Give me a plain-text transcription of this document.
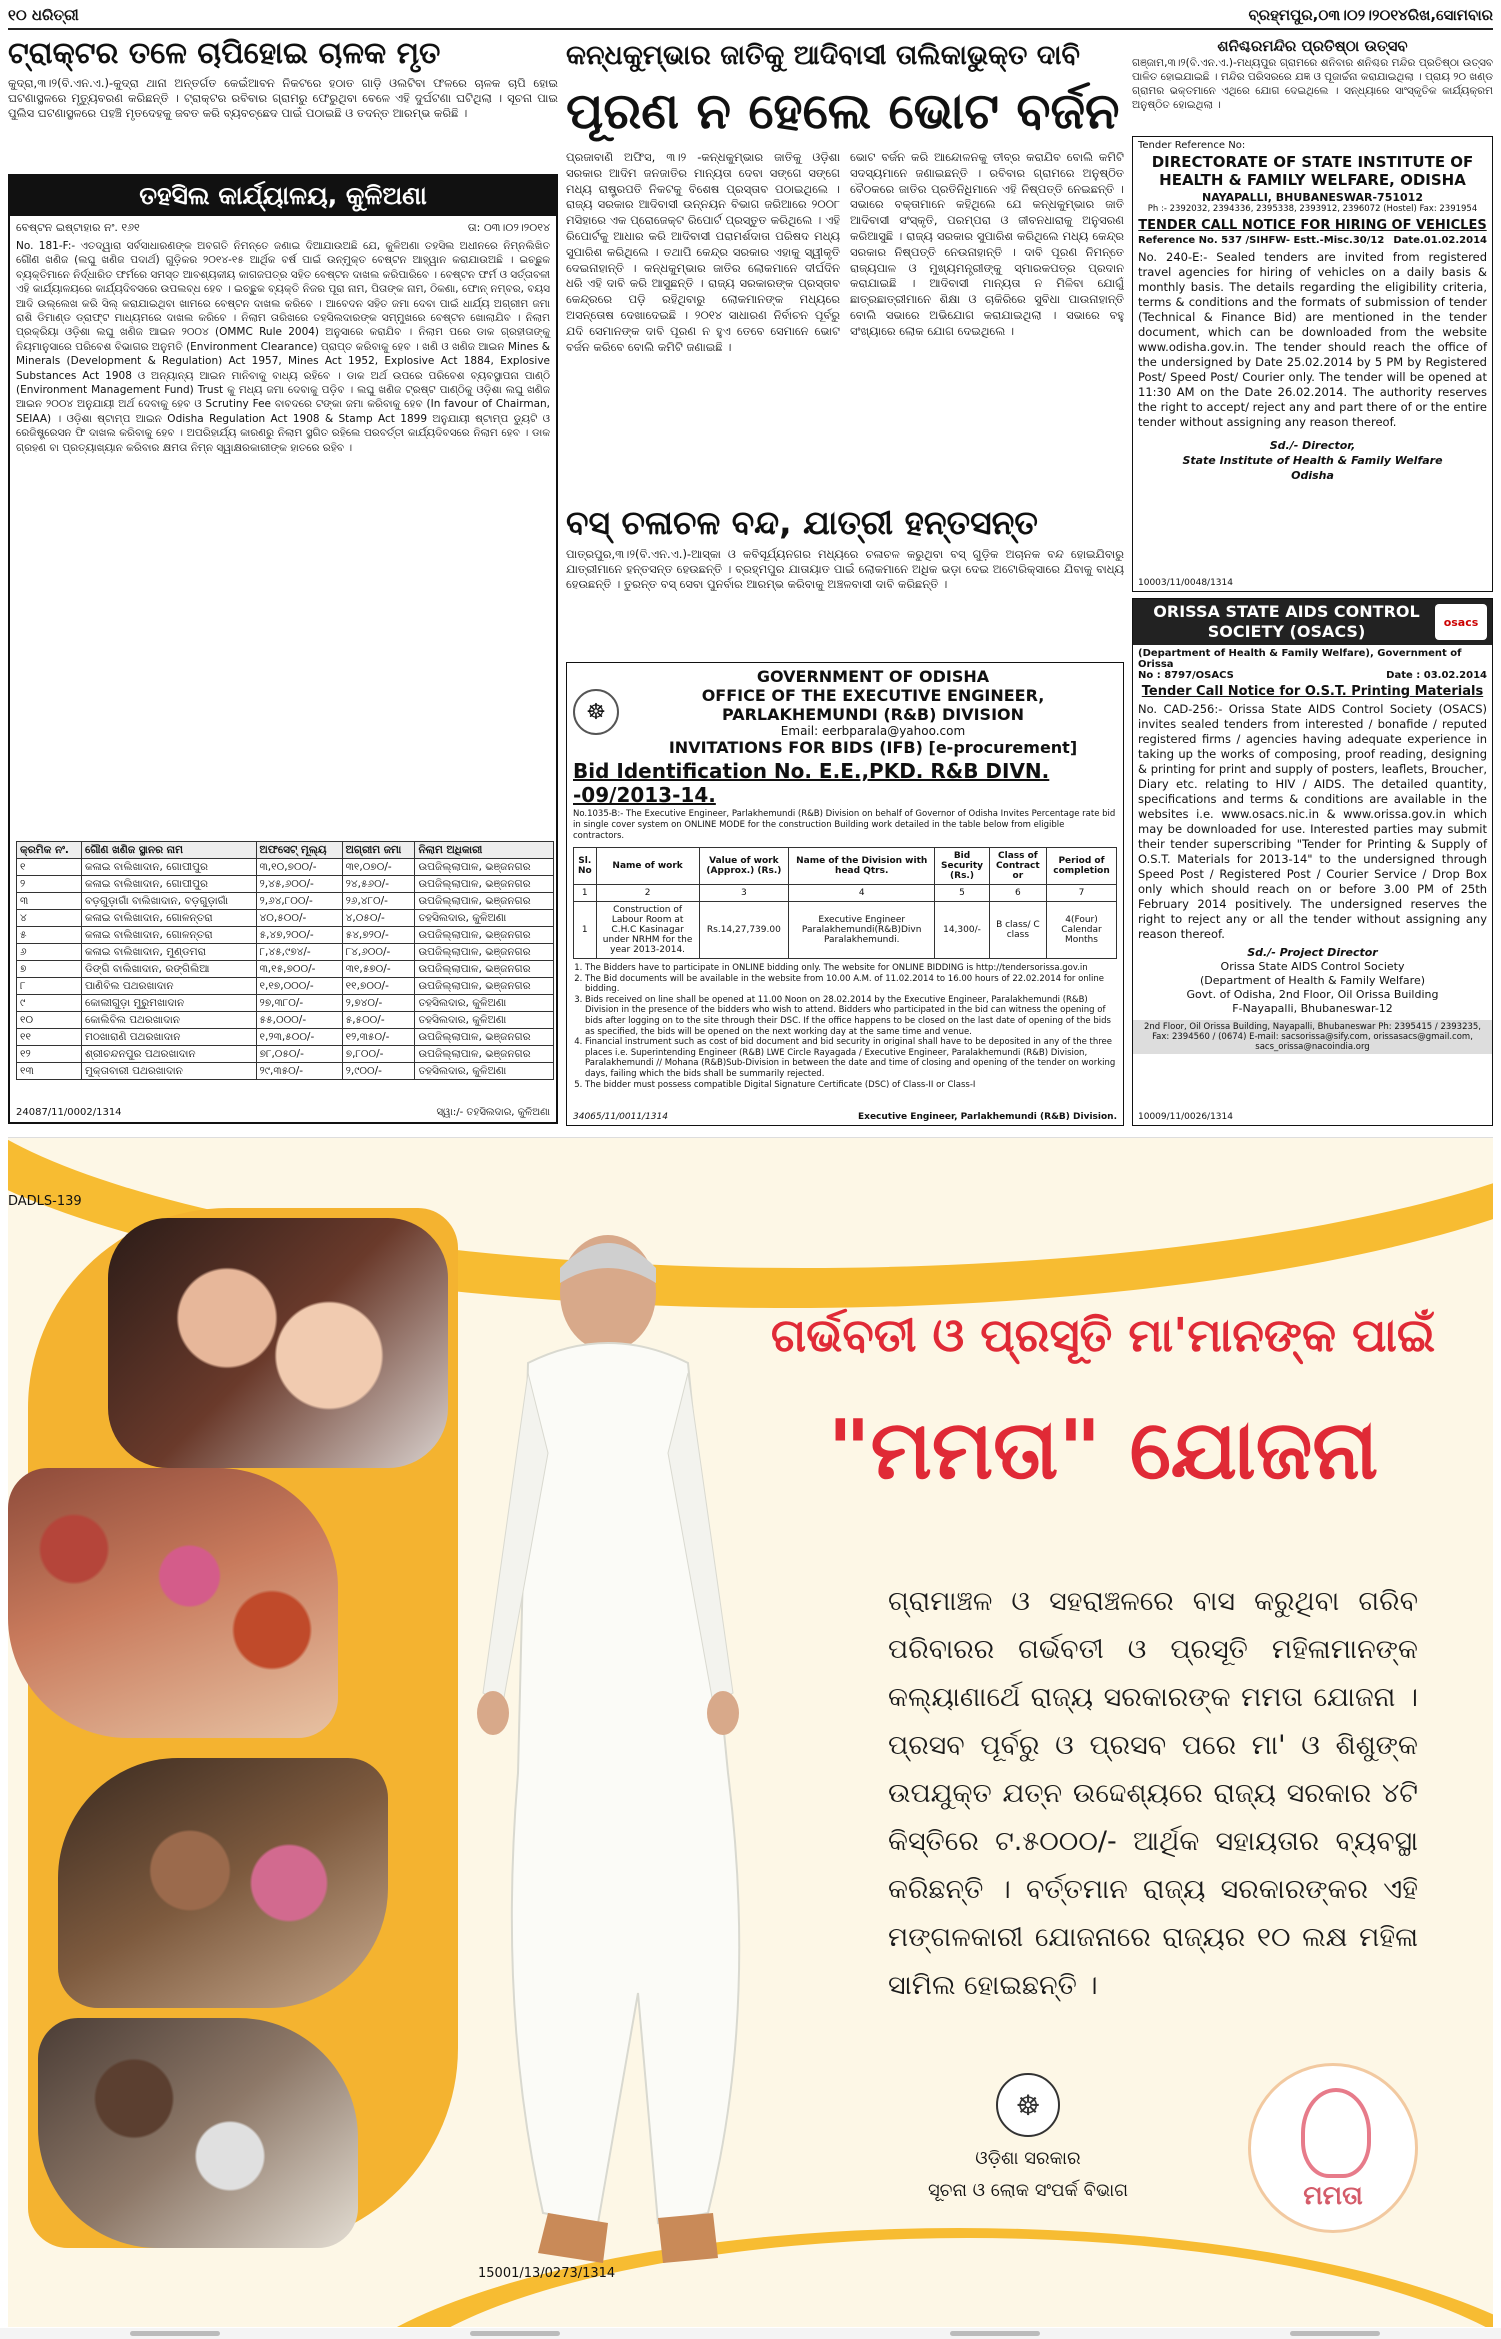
୧୦ ଧରିତ୍ରୀ	ବ୍ରହ୍ମପୁର,ଠ୩।୦୨।୨୦୧୪ରିଖ,ସୋମବାର
ଟ୍ରାକ୍ଟର ତଳେ ଚାପିହୋଇ ଚାଳକ ମୃତ
କୁଦ୍ରା,୩।୨(ବି.ଏନ.ଏ.)-କୁଦ୍ରା ଥାନା ଅନ୍ତର୍ଗତ କେଇଁଆବନ ନିକଟରେ ହଠାତ ଗାଡ଼ି ଓଲଟିବା ଫଳରେ ଚାଳକ ଚାପି ହୋଇ ଘଟଣାସ୍ଥଳରେ ମୃତ୍ୟୁବରଣ କରିଛନ୍ତି । ଟ୍ରାକ୍ଟର ରବିବାର ଗ୍ରାମରୁ ଫେରୁଥିବା ବେଳେ ଏହି ଦୁର୍ଘଟଣା ଘଟିଥିଲା । ସୂଚନା ପାଇ ପୁଲିସ ଘଟଣାସ୍ଥଳରେ ପହଞ୍ଚି ମୃତଦେହକୁ ଜବତ କରି ବ୍ୟବଚ୍ଛେଦ ପାଇଁ ପଠାଇଛି ଓ ତଦନ୍ତ ଆରମ୍ଭ କରିଛି ।
ତହସିଲ କାର୍ଯ୍ୟାଳୟ, କୁଳିଅଣା
ବେଷ୍ଟନ ଇଷ୍ଟାହାର ନଂ. ୧୬୧	ତା: ୦୩।୦୨।୨୦୧୪
No. 181-F:- ଏତଦ୍ୱାରା ସର୍ବସାଧାରଣଙ୍କ ଅବଗତି ନିମନ୍ତେ ଜଣାଇ ଦିଆଯାଉଅଛି ଯେ, କୁଳିଅଣା ତହସିଲ ଅଧୀନରେ ନିମ୍ନଲିଖିତ ଗୌଣ ଖଣିଜ (ଲଘୁ ଖଣିଜ ପଦାର୍ଥ) ଗୁଡ଼ିକର ୨୦୧୪-୧୫ ଆର୍ଥିକ ବର୍ଷ ପାଇଁ ଉନ୍ମୁକ୍ତ ବେଷ୍ଟନ ଆହ୍ୱାନ କରାଯାଉଅଛି । ଇଚ୍ଛୁକ ବ୍ୟକ୍ତିମାନେ ନିର୍ଦ୍ଧାରିତ ଫର୍ମରେ ସମସ୍ତ ଆବଶ୍ୟକୀୟ କାଗଜପତ୍ର ସହିତ ବେଷ୍ଟନ ଦାଖଲ କରିପାରିବେ । ବେଷ୍ଟନ ଫର୍ମ ଓ ସର୍ତ୍ତାବଳୀ ଏହି କାର୍ଯ୍ୟାଳୟରେ କାର୍ଯ୍ୟଦିବସରେ ଉପଲବ୍ଧ ହେବ । ଇଚ୍ଛୁକ ବ୍ୟକ୍ତି ନିଜର ପୂରା ନାମ, ପିତାଙ୍କ ନାମ, ଠିକଣା, ଫୋନ୍ ନମ୍ବର, ବୟସ ଆଦି ଉଲ୍ଲେଖ କରି ସିଲ୍ କରାଯାଇଥିବା ଖାମରେ ବେଷ୍ଟନ ଦାଖଲ କରିବେ । ଆବେଦନ ସହିତ ଜମା ଦେବା ପାଇଁ ଧାର୍ଯ୍ୟ ଅଗ୍ରୀମ ଜମା ରାଶି ଡିମାଣ୍ଡ ଡ୍ରାଫ୍ଟ ମାଧ୍ୟମରେ ଦାଖଲ କରିବେ । ନିଲାମ ତାରିଖରେ ତହସିଲଦାରଙ୍କ ସମ୍ମୁଖରେ ବେଷ୍ଟନ ଖୋଲାଯିବ । ନିଲାମ ପ୍ରକ୍ରିୟା ଓଡ଼ିଶା ଲଘୁ ଖଣିଜ ଆଇନ ୨୦୦୪ (OMMC Rule 2004) ଅନୁସାରେ କରାଯିବ । ନିଲାମ ପରେ ଡାକ ଗ୍ରହୀତାଙ୍କୁ ନିୟମାନୁସାରେ ପରିବେଶ ବିଭାଗର ଅନୁମତି (Environment Clearance) ପ୍ରାପ୍ତ କରିବାକୁ ହେବ । ଖଣି ଓ ଖଣିଜ ଆଇନ Mines & Minerals (Development & Regulation) Act 1957, Mines Act 1952, Explosive Act 1884, Explosive Substances Act 1908 ଓ ଅନ୍ୟାନ୍ୟ ଆଇନ ମାନିବାକୁ ବାଧ୍ୟ ରହିବେ । ଡାକ ଅର୍ଥ ଉପରେ ପରିବେଶ ବ୍ୟବସ୍ଥାପନା ପାଣ୍ଠି (Environment Management Fund) Trust କୁ ମଧ୍ୟ ଜମା ଦେବାକୁ ପଡ଼ିବ । ଲଘୁ ଖଣିଜ ଟ୍ରଷ୍ଟ ପାଣ୍ଠିକୁ ଓଡ଼ିଶା ଲଘୁ ଖଣିଜ ଆଇନ ୨୦୦୪ ଅନୁଯାୟୀ ଅର୍ଥ ଦେବାକୁ ହେବ ଓ Scrutiny Fee ବାବଦରେ ଟଙ୍କା ଜମା କରିବାକୁ ହେବ (In favour of Chairman, SEIAA) । ଓଡ଼ିଶା ଷ୍ଟାମ୍ପ ଆଇନ Odisha Regulation Act 1908 & Stamp Act 1899 ଅନୁଯାୟୀ ଷ୍ଟାମ୍ପ ଡ୍ୟୁଟି ଓ ରେଜିଷ୍ଟ୍ରେସନ ଫି ଦାଖଲ କରିବାକୁ ହେବ । ଅପରିହାର୍ଯ୍ୟ କାରଣରୁ ନିଲାମ ସ୍ଥଗିତ ରହିଲେ ପରବର୍ତ୍ତୀ କାର୍ଯ୍ୟଦିବସରେ ନିଲାମ ହେବ । ଡାକ ଗ୍ରହଣ ବା ପ୍ରତ୍ୟାଖ୍ୟାନ କରିବାର କ୍ଷମତା ନିମ୍ନ ସ୍ୱାକ୍ଷରକାରୀଙ୍କ ହାତରେ ରହିବ ।
କ୍ରମିକ ନଂ.	ଗୌଣ ଖଣିଜ ସ୍ଥାନର ନାମ	ଅଫସେଟ୍ ମୂଲ୍ୟ	ଅଗ୍ରୀମ ଜମା	ନିଲାମ ଅଧିକାରୀ
୧	କଳାଇ ବାଲିଖାଦାନ, ଗୋପୀପୁର	୩,୧୦,୭୦୦/-	୩୧,୦୭୦/-	ଉପଜିଲ୍ଲାପାଳ, ଭଞ୍ଜନଗର
୨	କଳାଇ ବାଲିଖାଦାନ, ଗୋପୀପୁର	୨,୪୫,୬୦୦/-	୨୪,୫୬୦/-	ଉପଜିଲ୍ଲାପାଳ, ଭଞ୍ଜନଗର
୩	ବଡ଼ଗୁଡ଼ାଗାଁ ବାଲିଖାଦାନ, ବଡ଼ଗୁଡ଼ାଗାଁ	୨,୬୪,୮୦୦/-	୨୬,୪୮୦/-	ଉପଜିଲ୍ଲାପାଳ, ଭଞ୍ଜନଗର
୪	କଳାଇ ବାଲିଖାଦାନ, ଗୋଳନ୍ତରା	୪୦,୫୦୦/-	୪,୦୫୦/-	ତହସିଲଦାର, କୁଳିଅଣା
୫	କଳାଇ ବାଲିଖାଦାନ, ଗୋଳନ୍ତରା	୫,୪୭,୨୦୦/-	୫୪,୭୨୦/-	ଉପଜିଲ୍ଲାପାଳ, ଭଞ୍ଜନଗର
୬	କଳାଇ ବାଲିଖାଦାନ, ମୁଣ୍ଡମରା	୮,୪୫,୯୭୪/-	୮୪,୬୦୦/-	ଉପଜିଲ୍ଲାପାଳ, ଭଞ୍ଜନଗର
୭	ଡିଙ୍ଗି ବାଲିଖାଦାନ, ରଙ୍ଗିଲିଆ	୩,୧୫,୭୦୦/-	୩୧,୫୭୦/-	ଉପଜିଲ୍ଲାପାଳ, ଭଞ୍ଜନଗର
୮	ପାଣିବିଲ ପଥରଖାଦାନ	୧,୧୭,୦୦୦/-	୧୧,୭୦୦/-	ଉପଜିଲ୍ଲାପାଳ, ଭଞ୍ଜନଗର
୯	କୋଲୀଗୁଡ଼ା ମୁରୁମଖାଦାନ	୨୭,୩୮୦/-	୨,୭୪୦/-	ତହସିଲଦାର, କୁଳିଅଣା
୧୦	କୋଲିବିଲ ପଥରଖାଦାନ	୫୫,୦୦୦/-	୫,୫୦୦/-	ତହସିଲଦାର, କୁଳିଅଣା
୧୧	ମଠଖାରାଣି ପଥରଖାଦାନ	୧,୨୩,୫୦୦/-	୧୨,୩୫୦/-	ଉପଜିଲ୍ଲାପାଳ, ଭଞ୍ଜନଗର
୧୨	ଶ୍ରୀଚନ୍ଦନପୁର ପଥରଖାଦାନ	୭୮,୦୫୦/-	୭,୮୦୦/-	ଉପଜିଲ୍ଲାପାଳ, ଭଞ୍ଜନଗର
୧୩	ମୁକ୍ତାବାରୀ ପଥରଖାଦାନ	୨୯,୩୫୦/-	୨,୯୦୦/-	ତହସିଲଦାର, କୁଳିଅଣା
24087/11/0002/1314	ସ୍ୱା:/- ତହସିଲଦାର, କୁଳିଅଣା
କନ୍ଧକୁମ୍ଭାର ଜାତିକୁ ଆଦିବାସୀ ତାଲିକାଭୁକ୍ତ ଦାବି
ପୂରଣ ନ ହେଲେ ଭୋଟ ବର୍ଜନ
ପ୍ରଜାବାଣି ଅଫିସ, ୩।୨ -କନ୍ଧକୁମ୍ଭାର ଜାତିକୁ ଓଡ଼ିଶା ସରକାର ଆଦିମ ଜନଜାତିର ମାନ୍ୟତା ଦେବା ସଙ୍ଗେ ସଙ୍ଗେ ମଧ୍ୟ ରାଷ୍ଟ୍ରପତି ନିକଟକୁ ବିଶେଷ ପ୍ରସ୍ତାବ ପଠାଇଥିଲେ । ରାଜ୍ୟ ସରକାର ଆଦିବାସୀ ଉନ୍ନୟନ ବିଭାଗ ଜରିଆରେ ୨୦୦୮ ମସିହାରେ ଏକ ପ୍ରୋଜେକ୍ଟ ରିପୋର୍ଟ ପ୍ରସ୍ତୁତ କରିଥିଲେ । ଏହି ରିପୋର୍ଟକୁ ଆଧାର କରି ଆଦିବାସୀ ପରାମର୍ଶଦାତା ପରିଷଦ ମଧ୍ୟ ସୁପାରିଶ କରିଥିଲେ । ତଥାପି କେନ୍ଦ୍ର ସରକାର ଏହାକୁ ସ୍ୱୀକୃତି ଦେଇନାହାନ୍ତି । କନ୍ଧକୁମ୍ଭାର ଜାତିର ଲୋକମାନେ ଦୀର୍ଘଦିନ ଧରି ଏହି ଦାବି କରି ଆସୁଛନ୍ତି । ରାଜ୍ୟ ସରକାରଙ୍କ ପ୍ରସ୍ତାବ କେନ୍ଦ୍ରରେ ପଡ଼ି ରହିଥିବାରୁ ଲୋକମାନଙ୍କ ମଧ୍ୟରେ ଅସନ୍ତୋଷ ଦେଖାଦେଇଛି । ୨୦୧୪ ସାଧାରଣ ନିର୍ବାଚନ ପୂର୍ବରୁ ଯଦି ସେମାନଙ୍କ ଦାବି ପୂରଣ ନ ହୁଏ ତେବେ ସେମାନେ ଭୋଟ ବର୍ଜନ କରିବେ ବୋଲି କମିଟି ଜଣାଇଛି ।
ଭୋଟ ବର୍ଜନ କରି ଆନ୍ଦୋଳନକୁ ତୀବ୍ର କରାଯିବ ବୋଲି କମିଟି ସଦସ୍ୟମାନେ ଜଣାଇଛନ୍ତି । ରବିବାର ଗ୍ରାମରେ ଅନୁଷ୍ଠିତ ବୈଠକରେ ଜାତିର ପ୍ରତିନିଧିମାନେ ଏହି ନିଷ୍ପତ୍ତି ନେଇଛନ୍ତି । ସଭାରେ ବକ୍ତାମାନେ କହିଥିଲେ ଯେ କନ୍ଧକୁମ୍ଭାର ଜାତି ଆଦିବାସୀ ସଂସ୍କୃତି, ପରମ୍ପରା ଓ ଜୀବନଧାରାକୁ ଅନୁସରଣ କରିଆସୁଛି । ରାଜ୍ୟ ସରକାର ସୁପାରିଶ କରିଥିଲେ ମଧ୍ୟ କେନ୍ଦ୍ର ସରକାର ନିଷ୍ପତ୍ତି ନେଉନାହାନ୍ତି । ଦାବି ପୂରଣ ନିମନ୍ତେ ରାଜ୍ୟପାଳ ଓ ମୁଖ୍ୟମନ୍ତ୍ରୀଙ୍କୁ ସ୍ମାରକପତ୍ର ପ୍ରଦାନ କରାଯାଇଛି । ଆଦିବାସୀ ମାନ୍ୟତା ନ ମିଳିବା ଯୋଗୁଁ ଛାତ୍ରଛାତ୍ରୀମାନେ ଶିକ୍ଷା ଓ ଚାକିରିରେ ସୁବିଧା ପାଉନାହାନ୍ତି ବୋଲି ସଭାରେ ଅଭିଯୋଗ କରାଯାଇଥିଲା । ସଭାରେ ବହୁ ସଂଖ୍ୟାରେ ଲୋକ ଯୋଗ ଦେଇଥିଲେ ।
ବସ୍ ଚଳାଚଳ ବନ୍ଦ, ଯାତ୍ରୀ ହନ୍ତସନ୍ତ
ପାତ୍ରପୁର,୩।୨(ବି.ଏନ.ଏ.)-ଆସ୍କା ଓ କବିସୂର୍ଯ୍ୟନଗର ମଧ୍ୟରେ ଚଳାଚଳ କରୁଥିବା ବସ୍ ଗୁଡ଼ିକ ଅଚାନକ ବନ୍ଦ ହୋଇଯିବାରୁ ଯାତ୍ରୀମାନେ ହନ୍ତସନ୍ତ ହେଉଛନ୍ତି । ବ୍ରହ୍ମପୁର ଯାତାୟାତ ପାଇଁ ଲୋକମାନେ ଅଧିକ ଭଡ଼ା ଦେଇ ଅଟୋରିକ୍ସାରେ ଯିବାକୁ ବାଧ୍ୟ ହେଉଛନ୍ତି । ତୁରନ୍ତ ବସ୍ ସେବା ପୁନର୍ବାର ଆରମ୍ଭ କରିବାକୁ ଅଞ୍ଚଳବାସୀ ଦାବି କରିଛନ୍ତି ।
☸
GOVERNMENT OF ODISHA
OFFICE OF THE EXECUTIVE ENGINEER,
PARLAKHEMUNDI (R&B) DIVISION
Email: eerbparala@yahoo.com
INVITATIONS FOR BIDS (IFB) [e-procurement]
Bid Identification No. E.E.,PKD. R&B DIVN. -09/2013-14.
No.1035-B:- The Executive Engineer, Parlakhemundi (R&B) Division on behalf of Governor of Odisha Invites Percentage rate bid in single cover system on ONLINE MODE for the construction Building work detailed in the table below from eligible contractors.
Sl. No	Name of work	Value of work (Approx.) (Rs.)	Name of the Division with head Qtrs.	Bid Security (Rs.)	Class of Contract or	Period of completion
1	2	3	4	5	6	7
1	Construction of Labour Room at C.H.C Kasinagar under NRHM for the year 2013-2014.	Rs.14,27,739.00	Executive Engineer Paralakhemundi(R&B)Divn Paralakhemundi.	14,300/-	B class/ C class	4(Four) Calendar Months
1. The Bidders have to participate in ONLINE bidding only. The website for ONLINE BIDDING is http://tendersorissa.gov.in
2. The Bid documents will be available in the website from 10.00 A.M. of 11.02.2014 to 16.00 hours of 22.02.2014 for online bidding.
3. Bids received on line shall be opened at 11.00 Noon on 28.02.2014 by the Executive Engineer, Paralakhemundi (R&B) Division in the presence of the bidders who wish to attend. Bidders who participated in the bid can witness the opening of bids after logging on to the site through their DSC. If the office happens to be closed on the last date of opening of the bids as specified, the bids will be opened on the next working day at the same time and venue.
4. Financial instrument such as cost of bid document and bid security in original shall have to be deposited in any of the three places i.e. Superintending Engineer (R&B) LWE Circle Rayagada / Executive Engineer, Paralakhemundi (R&B) Division, Paralakhemundi // Mohana (R&B)Sub-Division in between the date and time of closing and opening of the tender on working days, failing which the bids shall be summarily rejected.
5. The bidder must possess compatible Digital Signature Certificate (DSC) of Class-II or Class-I
34065/11/0011/1314	Executive Engineer, Parlakhemundi (R&B) Division.
ଶନିଶ୍ଚରମନ୍ଦିର ପ୍ରତିଷ୍ଠା ଉତ୍ସବ
ଗଞ୍ଜାମ,୩।୨(ବି.ଏନ.ଏ.)-ମଧ୍ୟପୁର ଗ୍ରାମରେ ଶନିବାର ଶନିଶ୍ଚର ମନ୍ଦିର ପ୍ରତିଷ୍ଠା ଉତ୍ସବ ପାଳିତ ହୋଇଯାଇଛି । ମନ୍ଦିର ପରିସରରେ ଯଜ୍ଞ ଓ ପୂଜାର୍ଚ୍ଚନା କରାଯାଇଥିଲା । ପ୍ରାୟ ୨୦ ଖଣ୍ଡ ଗ୍ରାମର ଭକ୍ତମାନେ ଏଥିରେ ଯୋଗ ଦେଇଥିଲେ । ସନ୍ଧ୍ୟାରେ ସାଂସ୍କୃତିକ କାର୍ଯ୍ୟକ୍ରମ ଅନୁଷ୍ଠିତ ହୋଇଥିଲା ।
Tender Reference No:
DIRECTORATE OF STATE INSTITUTE OF HEALTH & FAMILY WELFARE, ODISHA
NAYAPALLI, BHUBANESWAR-751012
Ph :- 2392032, 2394336, 2395338, 2393912, 2396072 (Hostel) Fax: 2391954
TENDER CALL NOTICE FOR HIRING OF VEHICLES
Reference No. 537 /SIHFW- Estt.-Misc.30/12 Date.01.02.2014
No. 240-E:- Sealed tenders are invited from registered travel agencies for hiring of vehicles on a daily basis & monthly basis. The details regarding the eligibility criteria, terms & conditions and the formats of submission of tender (Technical & Finance Bid) are mentioned in the tender document, which can be downloaded from the website www.odisha.gov.in. The tender should reach the office of the undersigned by Date 25.02.2014 by 5 PM by Registered Post/ Speed Post/ Courier only. The tender will be opened at 11:30 AM on the Date 26.02.2014. The authority reserves the right to accept/ reject any and part there of or the entire tender without assigning any reason thereof.
Sd./- Director,
State Institute of Health & Family Welfare
Odisha
10003/11/0048/1314
ORISSA STATE AIDS CONTROL SOCIETY (OSACS)	osacs
(Department of Health & Family Welfare), Government of Orissa
No : 8797/OSACS	Date : 03.02.2014
Tender Call Notice for O.S.T. Printing Materials
No. CAD-256:- Orissa State AIDS Control Society (OSACS) invites sealed tenders from interested / bonafide / reputed registered firms / agencies having adequate experience in taking up the works of composing, proof reading, designing & printing for print and supply of posters, leaflets, Broucher, Diary etc. relating to HIV / AIDS. The detailed quantity, specifications and terms & conditions are available in the websites i.e. www.osacs.nic.in & www.orissa.gov.in which may be downloaded for use. Interested parties may submit their tender superscribing "Tender for Printing & Supply of O.S.T. Materials for 2013-14" to the undersigned through Speed Post / Registered Post / Courier Service / Drop Box only which should reach on or before 3.00 PM of 25th February 2014 positively. The undersigned reserves the right to reject any or all the tender without assigning any reason thereof.
Sd./- Project Director
Orissa State AIDS Control Society
(Department of Health & Family Welfare)
Govt. of Odisha, 2nd Floor, Oil Orissa Building
F-Nayapalli, Bhubaneswar-12
2nd Floor, Oil Orissa Building, Nayapalli, Bhubaneswar Ph: 2395415 / 2393235, Fax: 2394560 / (0674) E-mail: sacsorissa@sify.com, orissasacs@gmail.com, sacs_orissa@nacoindia.org
10009/11/0026/1314
DADLS-139
ଗର୍ଭବତୀ ଓ ପ୍ରସୂତି ମା'ମାନଙ୍କ ପାଇଁ
"ମମତା" ଯୋଜନା
ଗ୍ରାମାଞ୍ଚଳ ଓ ସହରାଞ୍ଚଳରେ ବାସ କରୁଥିବା ଗରିବ ପରିବାରର ଗର୍ଭବତୀ ଓ ପ୍ରସୂତି ମହିଳାମାନଙ୍କ କଲ୍ୟାଣାର୍ଥେ ରାଜ୍ୟ ସରକାରଙ୍କ ମମତା ଯୋଜନା । ପ୍ରସବ ପୂର୍ବରୁ ଓ ପ୍ରସବ ପରେ ମା' ଓ ଶିଶୁଙ୍କ ଉପଯୁକ୍ତ ଯତ୍ନ ଉଦ୍ଦେଶ୍ୟରେ ରାଜ୍ୟ ସରକାର ୪ଟି କିସ୍ତିରେ ଟ.୫୦୦୦/- ଆର୍ଥିକ ସହାୟତାର ବ୍ୟବସ୍ଥା କରିଛନ୍ତି । ବର୍ତ୍ତମାନ ରାଜ୍ୟ ସରକାରଙ୍କର ଏହି ମଙ୍ଗଳକାରୀ ଯୋଜନାରେ ରାଜ୍ୟର ୧୦ ଲକ୍ଷ ମହିଳା ସାମିଲ ହୋଇଛନ୍ତି ।
☸
ଓଡ଼ିଶା ସରକାର
ସୂଚନା ଓ ଲୋକ ସଂପର୍କ ବିଭାଗ	ମମତା
15001/13/0273/1314
